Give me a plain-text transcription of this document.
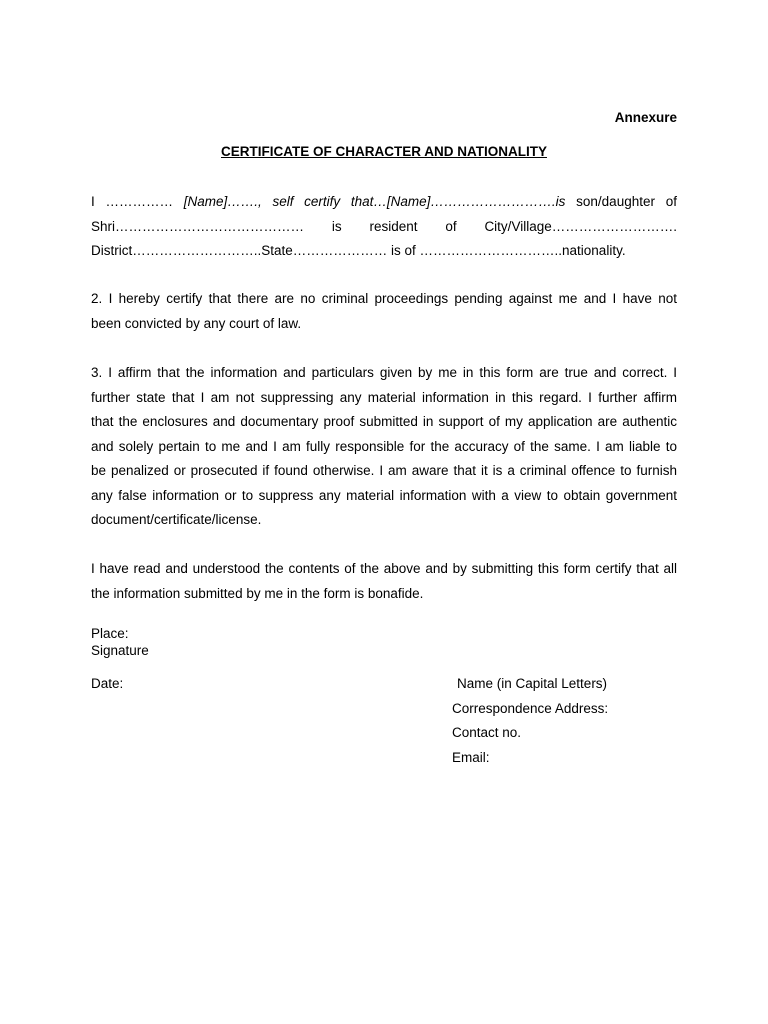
Annexure
CERTIFICATE OF CHARACTER AND NATIONALITY
I …………… [Name]……., self certify that…[Name]……………………….is son/daughter of
Shri…………………………………… is resident of City/Village……………………….
District………………………..State………………… is of …………………………..nationality.
2. I hereby certify that there are no criminal proceedings pending against me and I have not
been convicted by any court of law.
3. I affirm that the information and particulars given by me in this form are true and correct. I
further state that I am not suppressing any material information in this regard. I further affirm
that the enclosures and documentary proof submitted in support of my application are authentic
and solely pertain to me and I am fully responsible for the accuracy of the same. I am liable to
be penalized or prosecuted if found otherwise. I am aware that it is a criminal offence to furnish
any false information or to suppress any material information with a view to obtain government
document/certificate/license.
I have read and understood the contents of the above and by submitting this form certify that all
the information submitted by me in the form is bonafide.
Place:
Signature
Date:	Name (in Capital Letters)
Correspondence Address:
Contact no.
Email:
